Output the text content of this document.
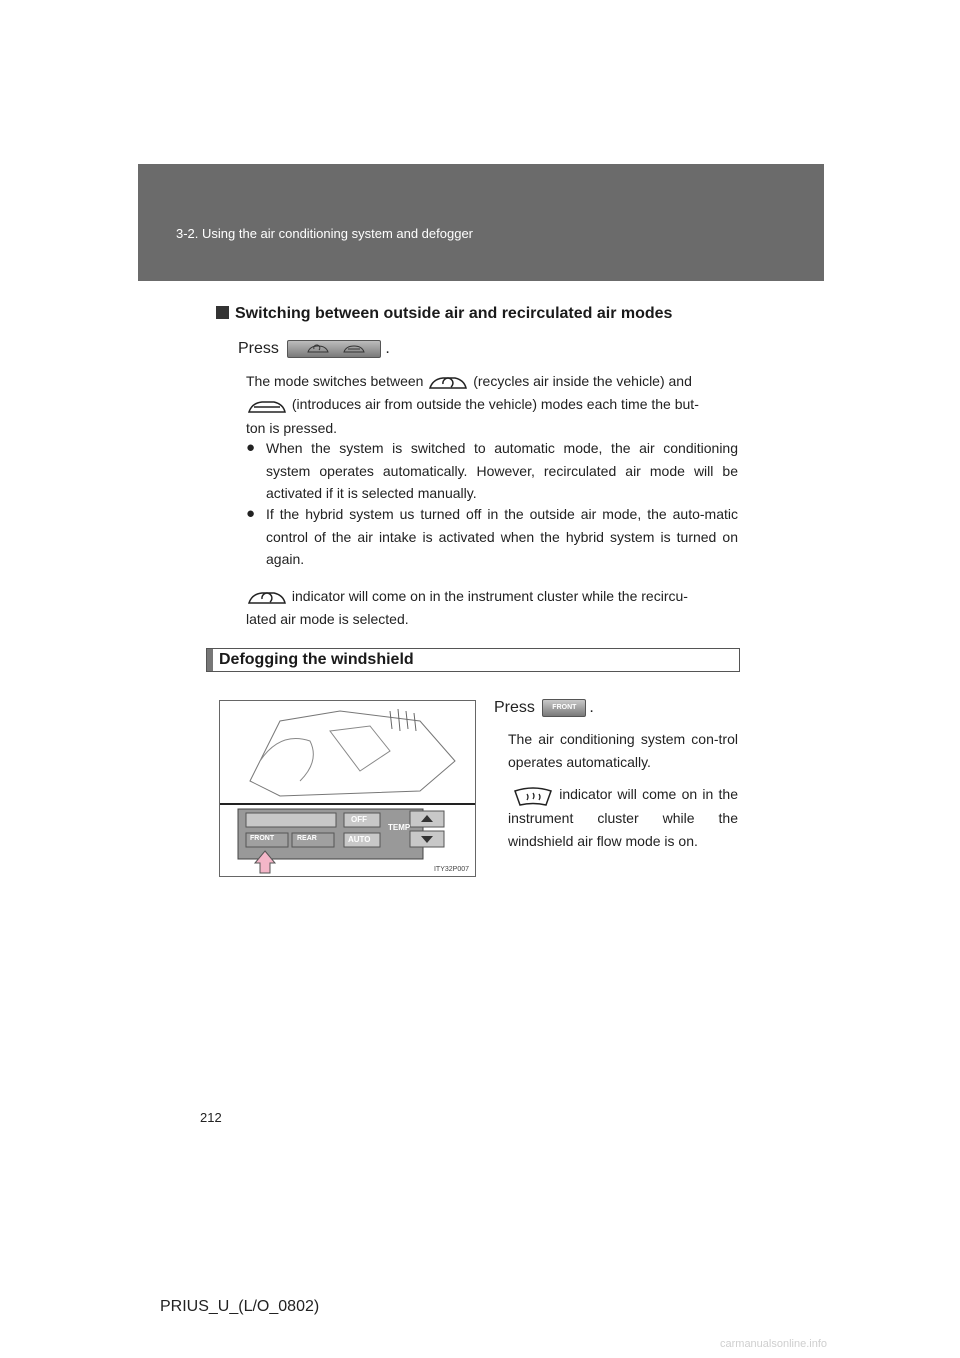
3-2. Using the air conditioning system and defogger
Switching between outside air and recirculated air modes
Press	.
The mode switches between	(recycles air inside the vehicle) and
(introduces air from outside the vehicle) modes each time the but-
ton is pressed.
● When the system is switched to automatic mode, the air conditioning system operates automatically. However, recirculated air mode will be activated if it is selected manually.
● If the hybrid system us turned off in the outside air mode, the auto-matic control of the air intake is activated when the hybrid system is turned on again.
indicator will come on in the instrument cluster while the recircu-
lated air mode is selected.
Defogging the windshield
OFF
AUTO
FRONT	REAR
TEMP
ITY32P007
Press FRONT .
The air conditioning system con-trol operates automatically.
indicator will come on in the instrument cluster while the windshield air flow mode is on.
212
PRIUS_U_(L/O_0802)
carmanualsonline.info
